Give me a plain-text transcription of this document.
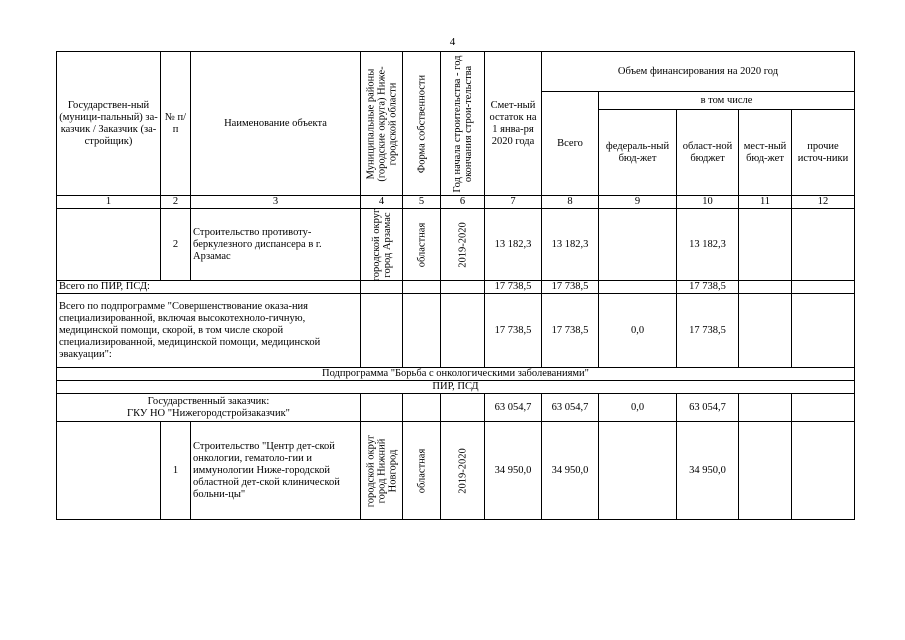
4
Государствен-ный (муници-пальный) за-казчик / Заказчик (за-стройщик)	№ п/п	Наименование объекта	Муниципальные районы (городские округа) Ниже-городской области	Форма собственности	Год начала строительства - год окончания строи-тельства	Смет-ный остаток на 1 янва-ря 2020 года	Объем финансирования на 2020 год				
							Всего	в том числе			
								федераль-ный бюд-жет	област-ной бюджет	мест-ный бюд-жет	прочие источ-ники
1	2	3	4	5	6	7	8	9	10	11	12
	2	Строительство противоту-беркулезного диспансера в г. Арзамас	городской округ город Арзамас	областная	2019-2020	13 182,3	13 182,3		13 182,3		
Всего по ПИР, ПСД:						17 738,5	17 738,5		17 738,5		
Всего по подпрограмме "Совершенствование оказа-ния специализированной, включая высокотехноло-гичную, медицинской помощи, скорой, в том числе скорой специализированной, медицинской помощи, медицинской эвакуации":						17 738,5	17 738,5	0,0	17 738,5		
Подпрограмма "Борьба с онкологическими заболеваниями"											
ПИР, ПСД											

Государственный заказчик:
ГКУ НО "Нижегородстройзаказчик"						63 054,7	63 054,7	0,0	63 054,7		
	1	Строительство "Центр дет-ской онкологии, гематоло-гии и иммунологии Ниже-городской областной дет-ской клинической больни-цы"	городской округ город Нижний Новгород	областная	2019-2020	34 950,0	34 950,0		34 950,0		
